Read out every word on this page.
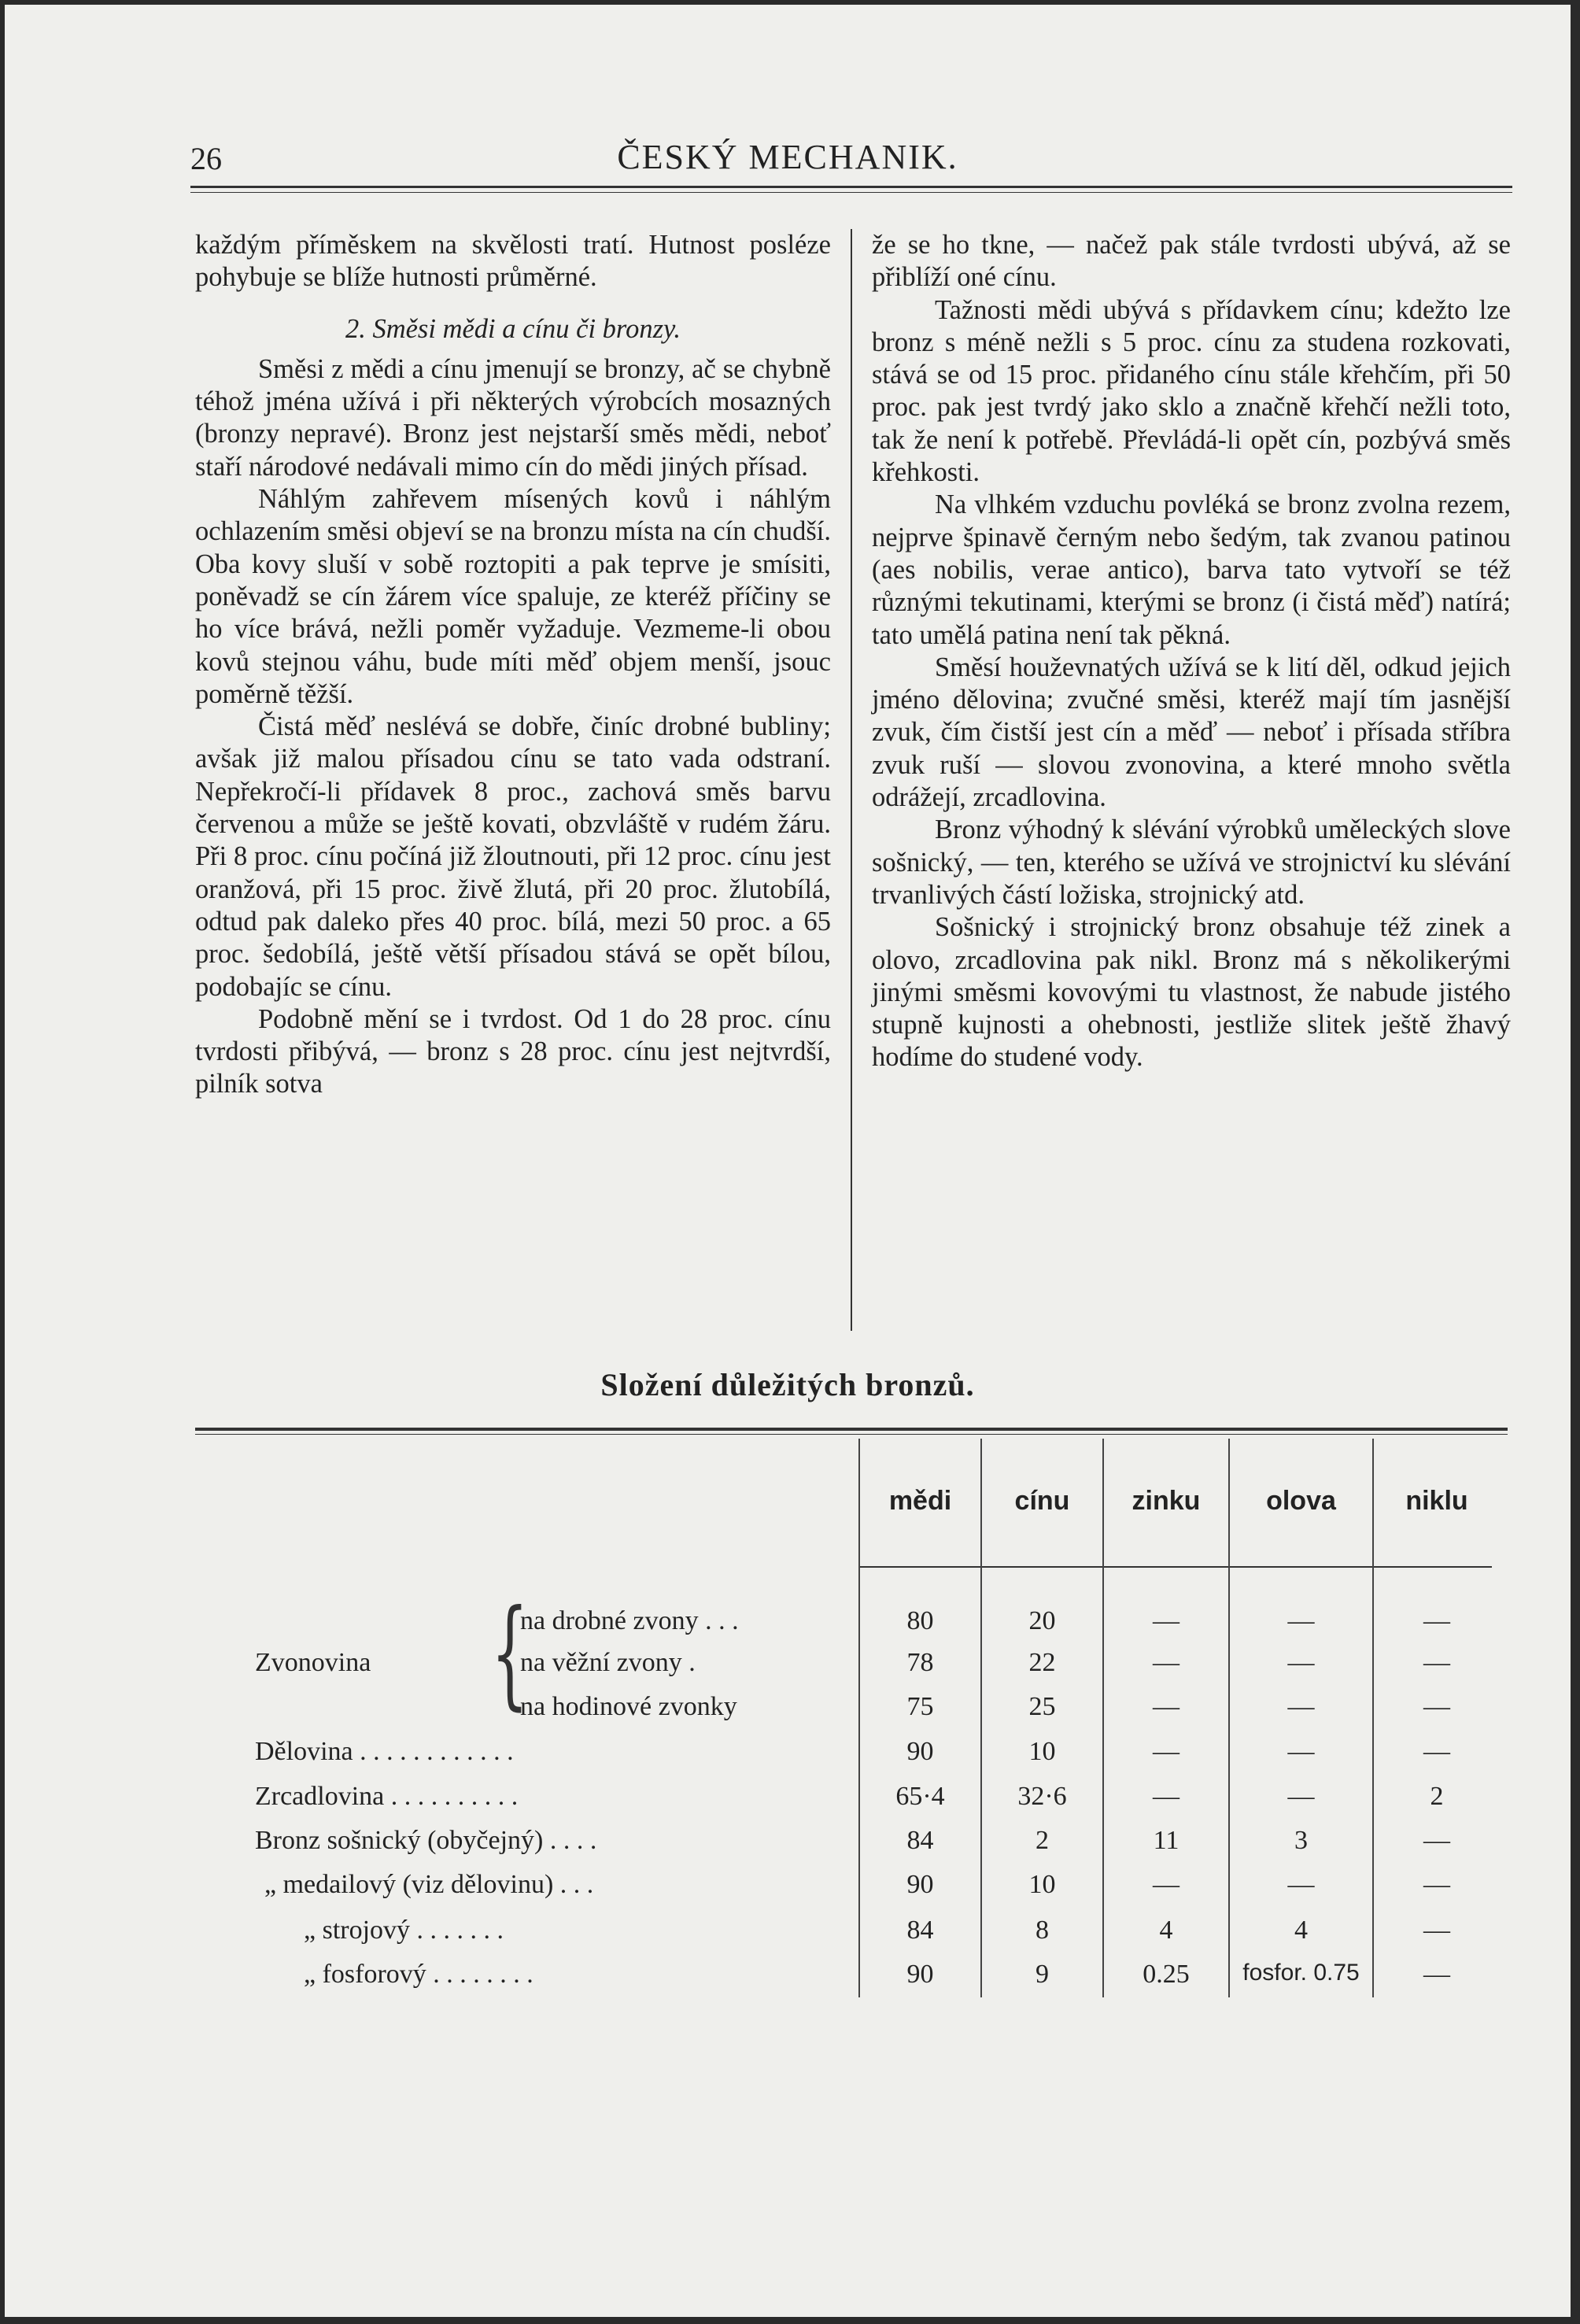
26	ČESKÝ MECHANIK.

každým příměskem na skvělosti tratí. Hutnost posléze pohybuje se blíže hutnosti průměrné.

2. Směsi mědi a cínu či bronzy.

Směsi z mědi a cínu jmenují se bronzy, ač se chybně téhož jména užívá i při některých výrobcích mosazných (bronzy nepravé). Bronz jest nejstarší směs mědi, neboť staří národové nedávali mimo cín do mědi jiných přísad.

Náhlým zahřevem mísených kovů i náhlým ochlazením směsi objeví se na bronzu místa na cín chudší. Oba kovy sluší v sobě roztopiti a pak teprve je smísiti, poněvadž se cín žárem více spaluje, ze kteréž příčiny se ho více brává, nežli poměr vyžaduje. Vezmeme-li obou kovů stejnou váhu, bude míti měď objem menší, jsouc poměrně těžší.

Čistá měď neslévá se dobře, činíc drobné bubliny; avšak již malou přísadou cínu se tato vada odstraní. Nepřekročí-li přídavek 8 proc., zachová směs barvu červenou a může se ještě kovati, obzvláště v rudém žáru. Při 8 proc. cínu počíná již žloutnouti, při 12 proc. cínu jest oranžová, při 15 proc. živě žlutá, při 20 proc. žlutobílá, odtud pak daleko přes 40 proc. bílá, mezi 50 proc. a 65 proc. šedobílá, ještě větší přísadou stává se opět bílou, podobajíc se cínu.

Podobně mění se i tvrdost. Od 1 do 28 proc. cínu tvrdosti přibývá, — bronz s 28 proc. cínu jest nejtvrdší, pilník sotva

že se ho tkne, — načež pak stále tvrdosti ubývá, až se přiblíží oné cínu.

Tažnosti mědi ubývá s přídavkem cínu; kdežto lze bronz s méně nežli s 5 proc. cínu za studena rozkovati, stává se od 15 proc. přidaného cínu stále křehčím, při 50 proc. pak jest tvrdý jako sklo a značně křehčí nežli toto, tak že není k potřebě. Převládá-li opět cín, pozbývá směs křehkosti.

Na vlhkém vzduchu povléká se bronz zvolna rezem, nejprve špinavě černým nebo šedým, tak zvanou patinou (aes nobilis, verae antico), barva tato vytvoří se též různými tekutinami, kterými se bronz (i čistá měď) natírá; tato umělá patina není tak pěkná.

Směsí houževnatých užívá se k lití děl, odkud jejich jméno dělovina; zvučné směsi, kteréž mají tím jasnější zvuk, čím čistší jest cín a měď — neboť i přísada stříbra zvuk ruší — slovou zvonovina, a které mnoho světla odrážejí, zrcadlovina.

Bronz výhodný k slévání výrobků uměleckých slove sošnický, — ten, kterého se užívá ve strojnictví ku slévání trvanlivých částí ložiska, strojnický atd.

Sošnický i strojnický bronz obsahuje též zinek a olovo, zrcadlovina pak nikl. Bronz má s několikerými jinými směsmi kovovými tu vlastnost, že nabude jistého stupně kujnosti a ohebnosti, jestliže slitek ještě žhavý hodíme do studené vody.

Složení důležitých bronzů.
mědi	cínu	zinku	olova	niklu
Zvonovina {
na drobné zvony . . .	80	20	—	—	—
na věžní zvony .	78	22	—	—	—
na hodinové zvonky	75	25	—	—	—
Dělovina . . . . . . . . . . . .	90	10	—	—	—
Zrcadlovina . . . . . . . . . .	65·4	32·6	—	—	2
Bronz sošnický (obyčejný) . . . .	84	2	11	3	—
„ medailový (viz dělovinu) . . .	90	10	—	—	—
„ strojový . . . . . . .	84	8	4	4	—
„ fosforový . . . . . . . .	90	9	0.25	fosfor. 0.75	—
